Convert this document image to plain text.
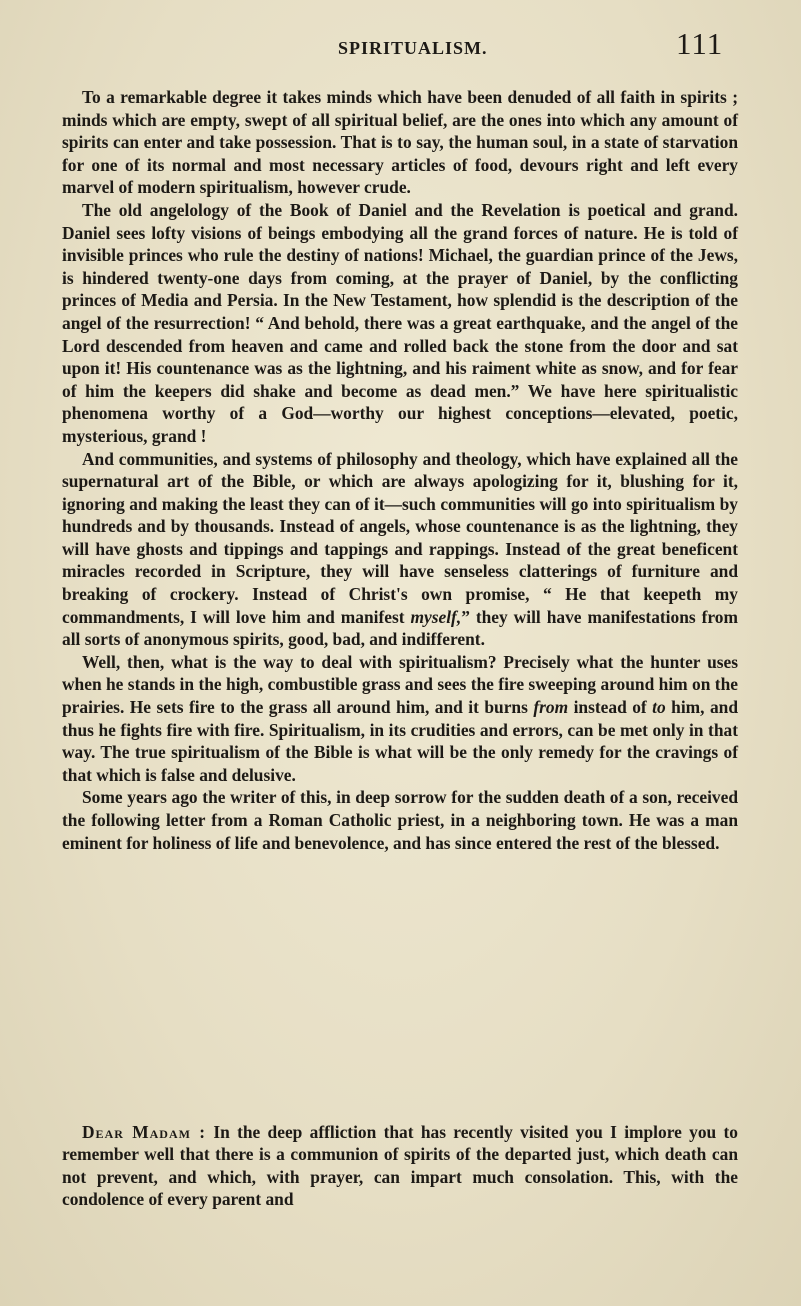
SPIRITUALISM.	111

To a remarkable degree it takes minds which have been denuded of all faith in spirits ; minds which are empty, swept of all spiritual belief, are the ones into which any amount of spirits can enter and take possession. That is to say, the human soul, in a state of starvation for one of its normal and most necessary articles of food, devours right and left every marvel of modern spiritualism, however crude.

The old angelology of the Book of Daniel and the Revelation is poetical and grand. Daniel sees lofty visions of beings embodying all the grand forces of nature. He is told of invisible princes who rule the destiny of nations! Michael, the guardian prince of the Jews, is hindered twenty-one days from coming, at the prayer of Daniel, by the conflicting princes of Media and Persia. In the New Testament, how splendid is the description of the angel of the resurrection! “ And behold, there was a great earthquake, and the angel of the Lord descended from heaven and came and rolled back the stone from the door and sat upon it! His countenance was as the lightning, and his raiment white as snow, and for fear of him the keepers did shake and become as dead men.” We have here spiritualistic phenomena worthy of a God—worthy our highest conceptions—elevated, poetic, mysterious, grand !

And communities, and systems of philosophy and theology, which have explained all the supernatural art of the Bible, or which are always apologizing for it, blushing for it, ignoring and making the least they can of it—such communities will go into spiritualism by hundreds and by thousands. Instead of angels, whose countenance is as the lightning, they will have ghosts and tippings and tappings and rappings. Instead of the great beneficent miracles recorded in Scripture, they will have senseless clatterings of furniture and breaking of crockery. Instead of Christ's own promise, “ He that keepeth my commandments, I will love him and manifest myself,” they will have manifestations from all sorts of anonymous spirits, good, bad, and indifferent.

Well, then, what is the way to deal with spiritualism? Precisely what the hunter uses when he stands in the high, combustible grass and sees the fire sweeping around him on the prairies. He sets fire to the grass all around him, and it burns from instead of to him, and thus he fights fire with fire. Spiritualism, in its crudities and errors, can be met only in that way. The true spiritualism of the Bible is what will be the only remedy for the cravings of that which is false and delusive.

Some years ago the writer of this, in deep sorrow for the sudden death of a son, received the following letter from a Roman Catholic priest, in a neighboring town. He was a man eminent for holiness of life and benevolence, and has since entered the rest of the blessed.

Dear Madam : In the deep affliction that has recently visited you I implore you to remember well that there is a communion of spirits of the departed just, which death can not prevent, and which, with prayer, can impart much consolation. This, with the condolence of every parent and
